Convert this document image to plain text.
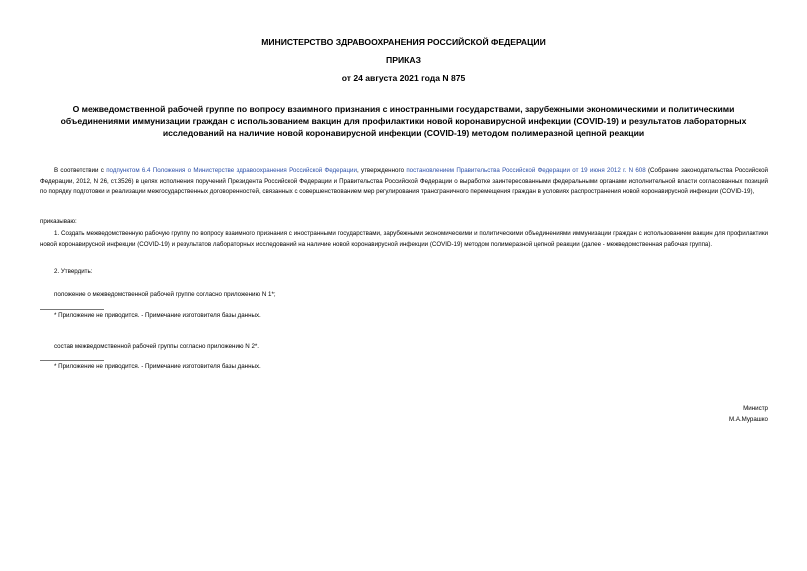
МИНИСТЕРСТВО ЗДРАВООХРАНЕНИЯ РОССИЙСКОЙ ФЕДЕРАЦИИ
ПРИКАЗ
от 24 августа 2021 года N 875
О межведомственной рабочей группе по вопросу взаимного признания с иностранными государствами, зарубежными экономическими и политическими объединениями иммунизации граждан с использованием вакцин для профилактики новой коронавирусной инфекции (COVID-19) и результатов лабораторных исследований на наличие новой коронавирусной инфекции (COVID-19) методом полимеразной цепной реакции
В соответствии с подпунктом 6.4 Положения о Министерстве здравоохранения Российской Федерации, утвержденного постановлением Правительства Российской Федерации от 19 июня 2012 г. N 608 (Собрание законодательства Российской Федерации, 2012, N 26, ст.3526) в целях исполнения поручений Президента Российской Федерации и Правительства Российской Федерации о выработке заинтересованными федеральными органами исполнительной власти согласованных позиций по порядку подготовки и реализации межгосударственных договоренностей, связанных с совершенствованием мер регулирования трансграничного перемещения граждан в условиях распространения новой коронавирусной инфекции (COVID-19),
приказываю:
1. Создать межведомственную рабочую группу по вопросу взаимного признания с иностранными государствами, зарубежными экономическими и политическими объединениями иммунизации граждан с использованием вакцин для профилактики новой коронавирусной инфекции (COVID-19) и результатов лабораторных исследований на наличие новой коронавирусной инфекции (COVID-19) методом полимеразной цепной реакции (далее - межведомственная рабочая группа).
2. Утвердить:
положение о межведомственной рабочей группе согласно приложению N 1*;
* Приложение не приводится. - Примечание изготовителя базы данных.
состав межведомственной рабочей группы согласно приложению N 2*.
* Приложение не приводится. - Примечание изготовителя базы данных.
Министр
М.А.Мурашко
